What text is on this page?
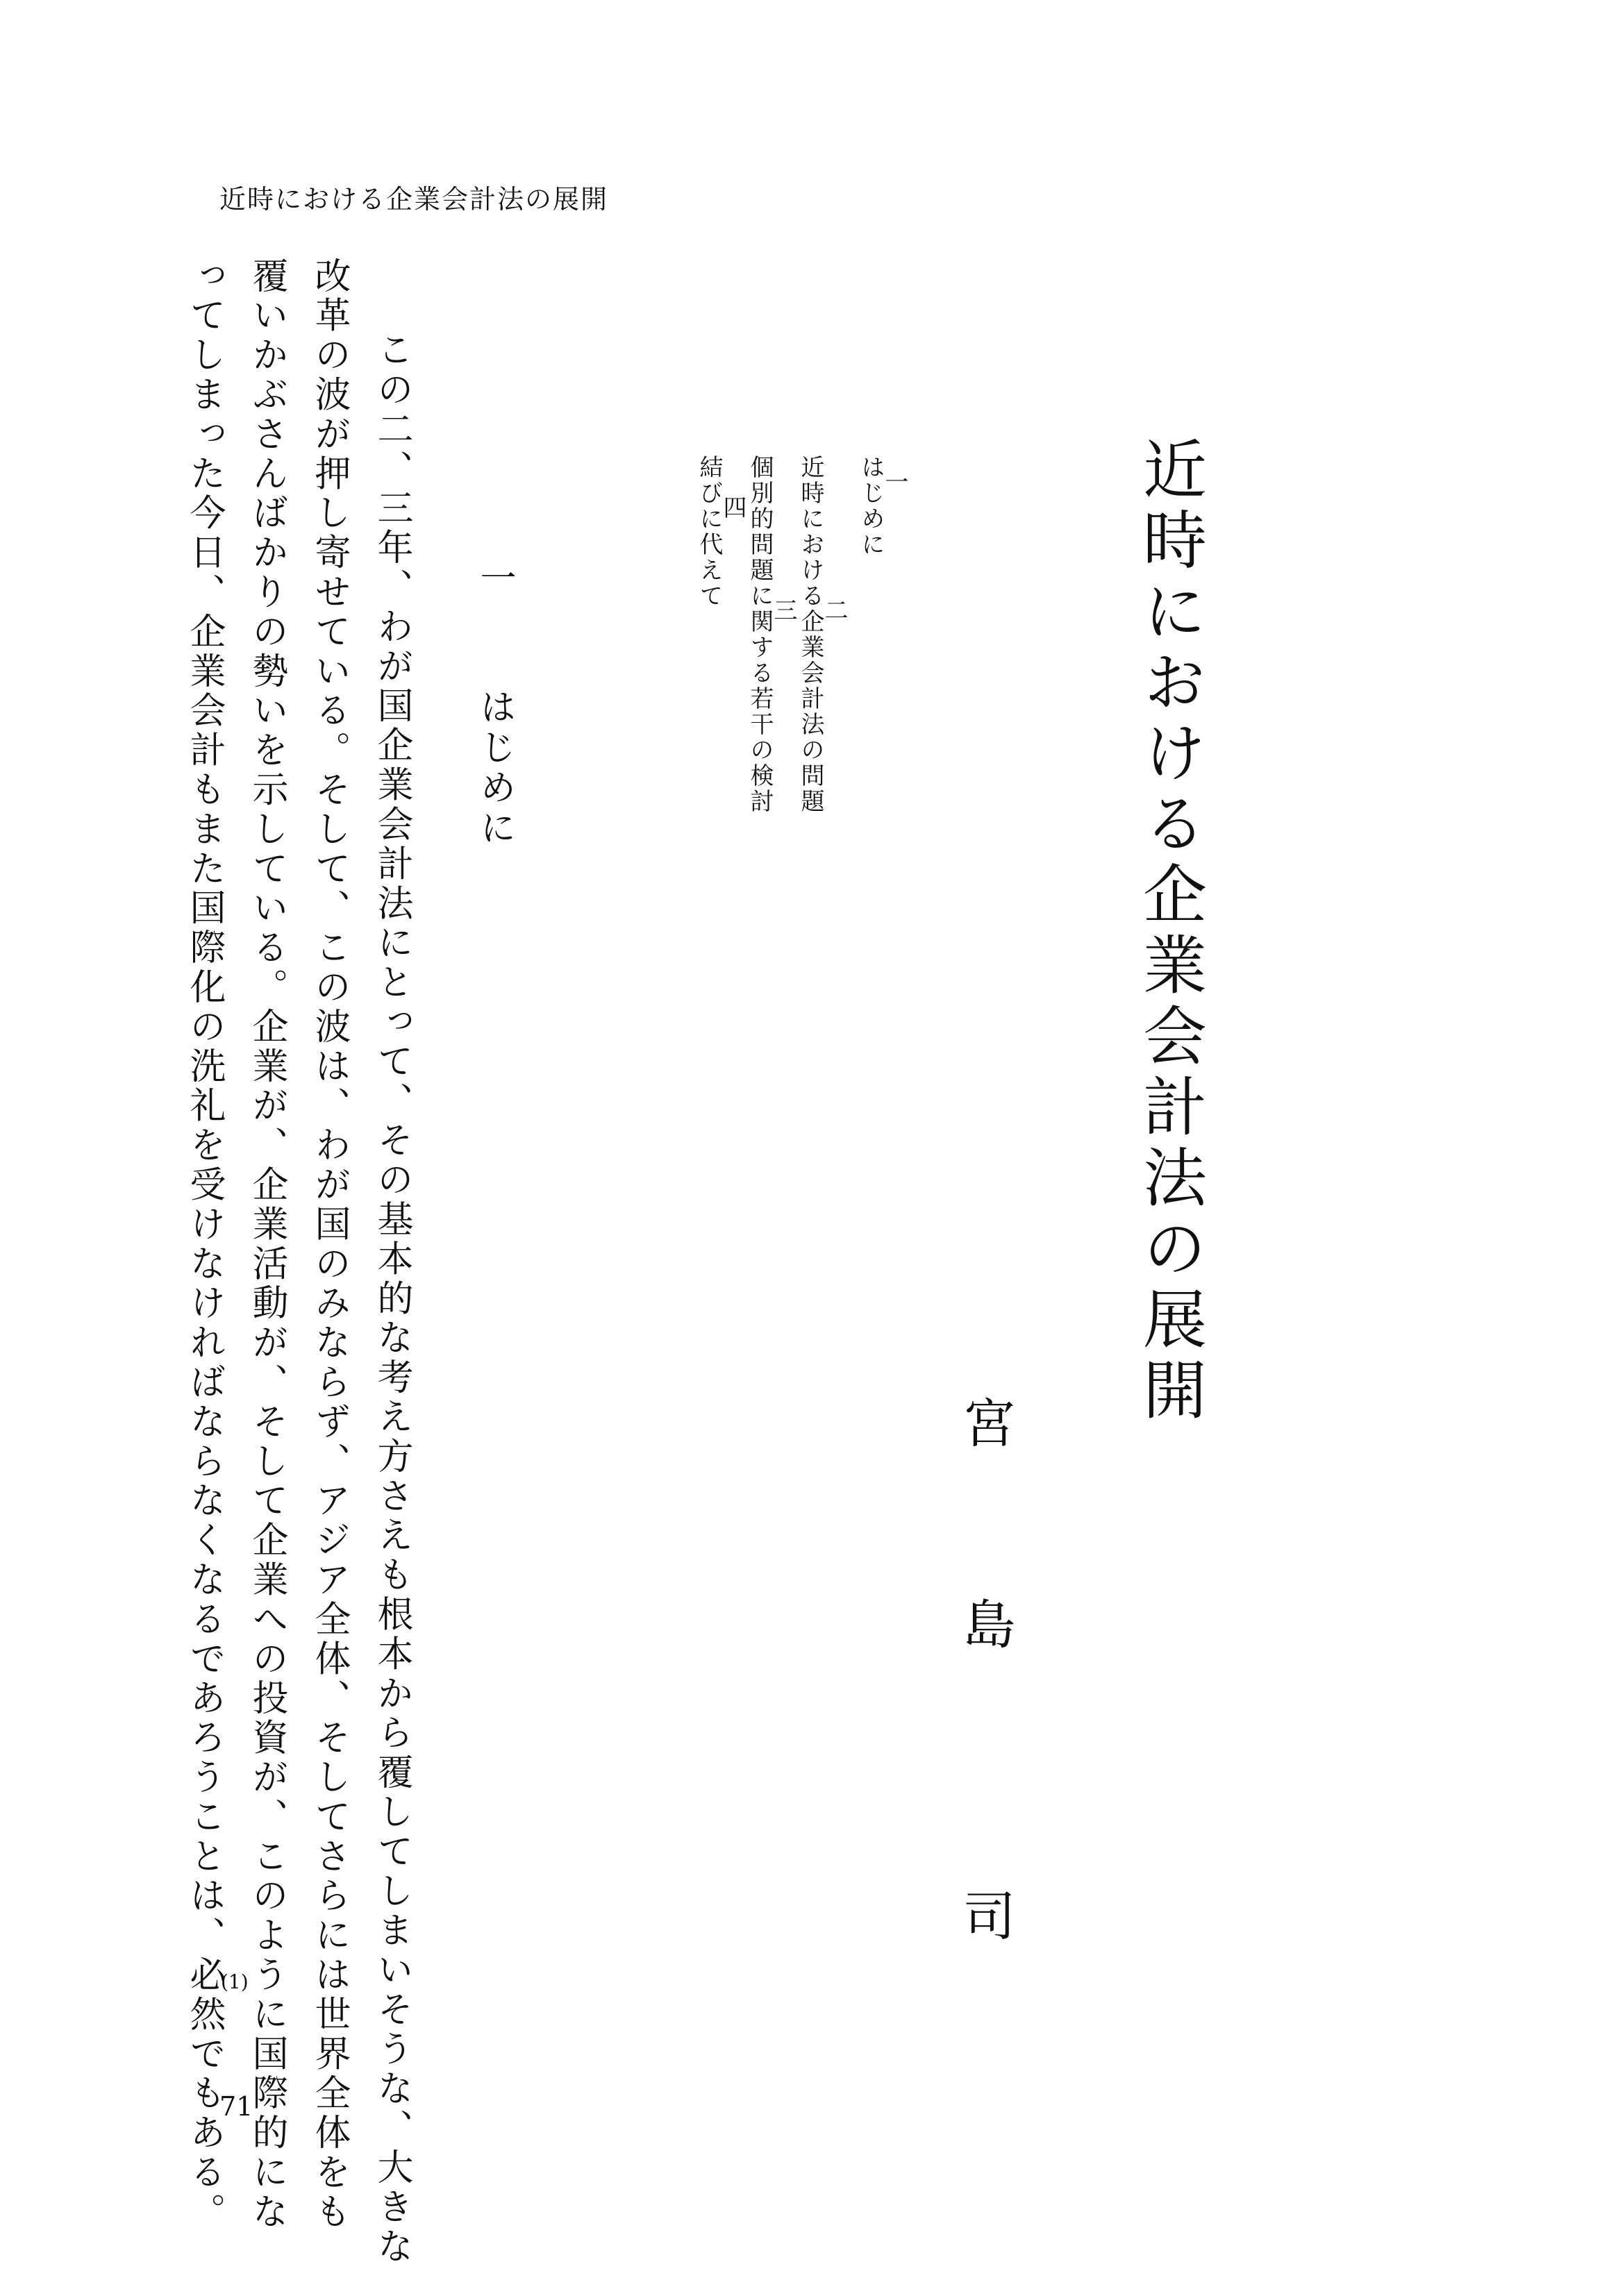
近時における企業会計法の展開
近時における企業会計法の展開
宮
島
司
一
はじめに
二
近時における企業会計法の問題
三
個別的問題に関する若干の検討
四
結びに代えて
一 はじめに
　この二、三年、わが国企業会計法にとって、その基本的な考え方さえも根本から覆してしまいそうな、大きな
改革の波が押し寄せている。そして、この波は、わが国のみならず、アジア全体、そしてさらには世界全体をも
覆いかぶさんばかりの勢いを示している。企業が、企業活動が、そして企業への投資が、このように国際的にな
ってしまった今日、企業会計もまた国際化の洗礼を受けなければならなくなるであろうことは、必然でもある。
(1)
71
